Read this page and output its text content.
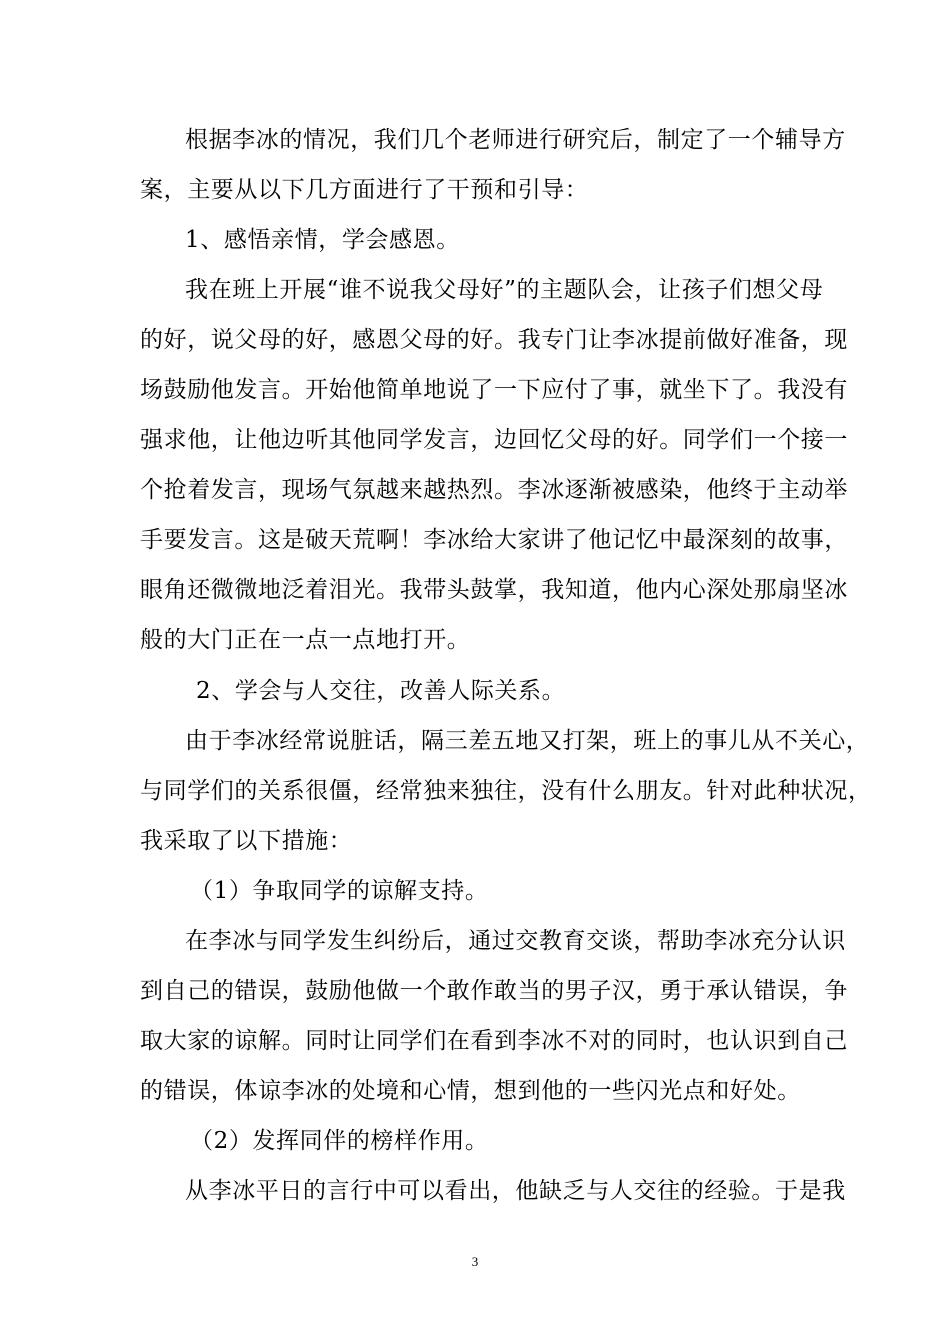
根据李冰的情况，我们几个老师进行研究后，制定了一个辅导方
案，主要从以下几方面进行了干预和引导：
1、感悟亲情，学会感恩。
我在班上开展“谁不说我父母好”的主题队会，让孩子们想父母
的好，说父母的好，感恩父母的好。我专门让李冰提前做好准备，现
场鼓励他发言。开始他简单地说了一下应付了事，就坐下了。我没有
强求他，让他边听其他同学发言，边回忆父母的好。同学们一个接一
个抢着发言，现场气氛越来越热烈。李冰逐渐被感染，他终于主动举
手要发言。这是破天荒啊！李冰给大家讲了他记忆中最深刻的故事，
眼角还微微地泛着泪光。我带头鼓掌，我知道，他内心深处那扇坚冰
般的大门正在一点一点地打开。
2、学会与人交往，改善人际关系。
由于李冰经常说脏话，隔三差五地又打架，班上的事儿从不关心，
与同学们的关系很僵，经常独来独往，没有什么朋友。针对此种状况，
我采取了以下措施：
（1）争取同学的谅解支持。
在李冰与同学发生纠纷后，通过交教育交谈，帮助李冰充分认识
到自己的错误，鼓励他做一个敢作敢当的男子汉，勇于承认错误，争
取大家的谅解。同时让同学们在看到李冰不对的同时，也认识到自己
的错误，体谅李冰的处境和心情，想到他的一些闪光点和好处。
（2）发挥同伴的榜样作用。
从李冰平日的言行中可以看出，他缺乏与人交往的经验。于是我
3
